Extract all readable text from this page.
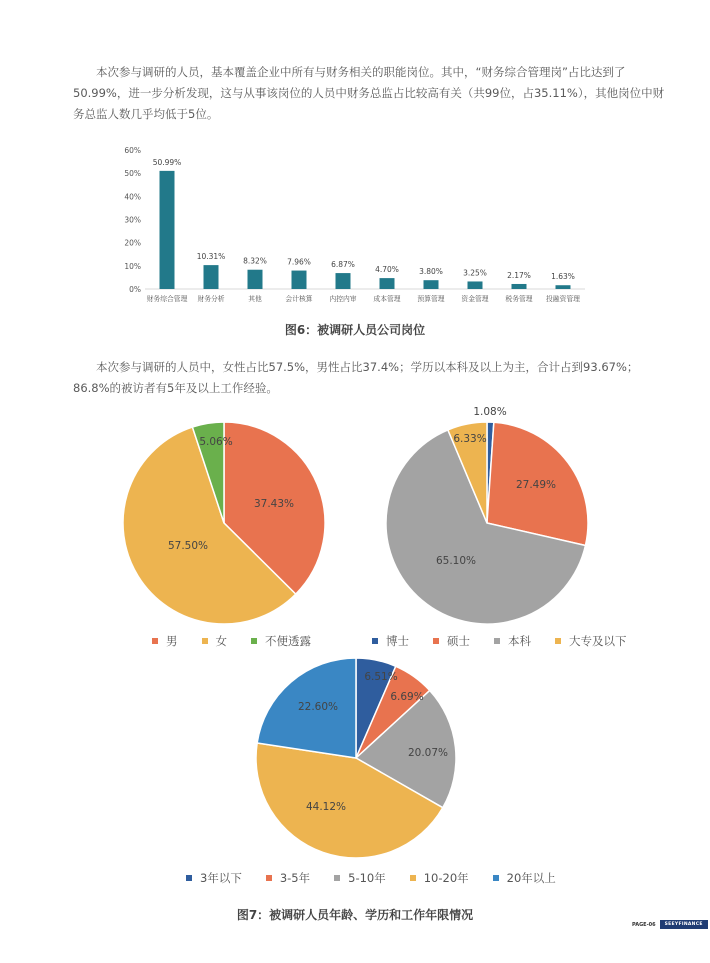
本次参与调研的人员，基本覆盖企业中所有与财务相关的职能岗位。其中，“财务综合管理岗”占比达到了50.99%，进一步分析发现，这与从事该岗位的人员中财务总监占比较高有关（共99位，占35.11%），其他岗位中财务总监人数几乎均低于5位。
0%
10%
20%
30%
40%
50%
60%
50.99%
财务综合管理
10.31%
财务分析
8.32%
其他
7.96%
会计核算
6.87%
内控内审
4.70%
成本管理
3.80%
预算管理
3.25%
资金管理
2.17%
税务管理
1.63%
投融资管理
37.43%
57.50%
5.06%
1.08%
27.49%
65.10%
6.33%
6.51%
6.69%
20.07%
44.12%
22.60%
图6：被调研人员公司岗位
本次参与调研的人员中，女性占比57.5%，男性占比37.4%；学历以本科及以上为主，合计占到93.67%；86.8%的被访者有5年及以上工作经验。
男	女	不便透露	博士	硕士	本科	大专及以下
3年以下	3-5年	5-10年	10-20年	20年以上
图7：被调研人员年龄、学历和工作年限情况
PAGE-06	SEEYFINANCE
